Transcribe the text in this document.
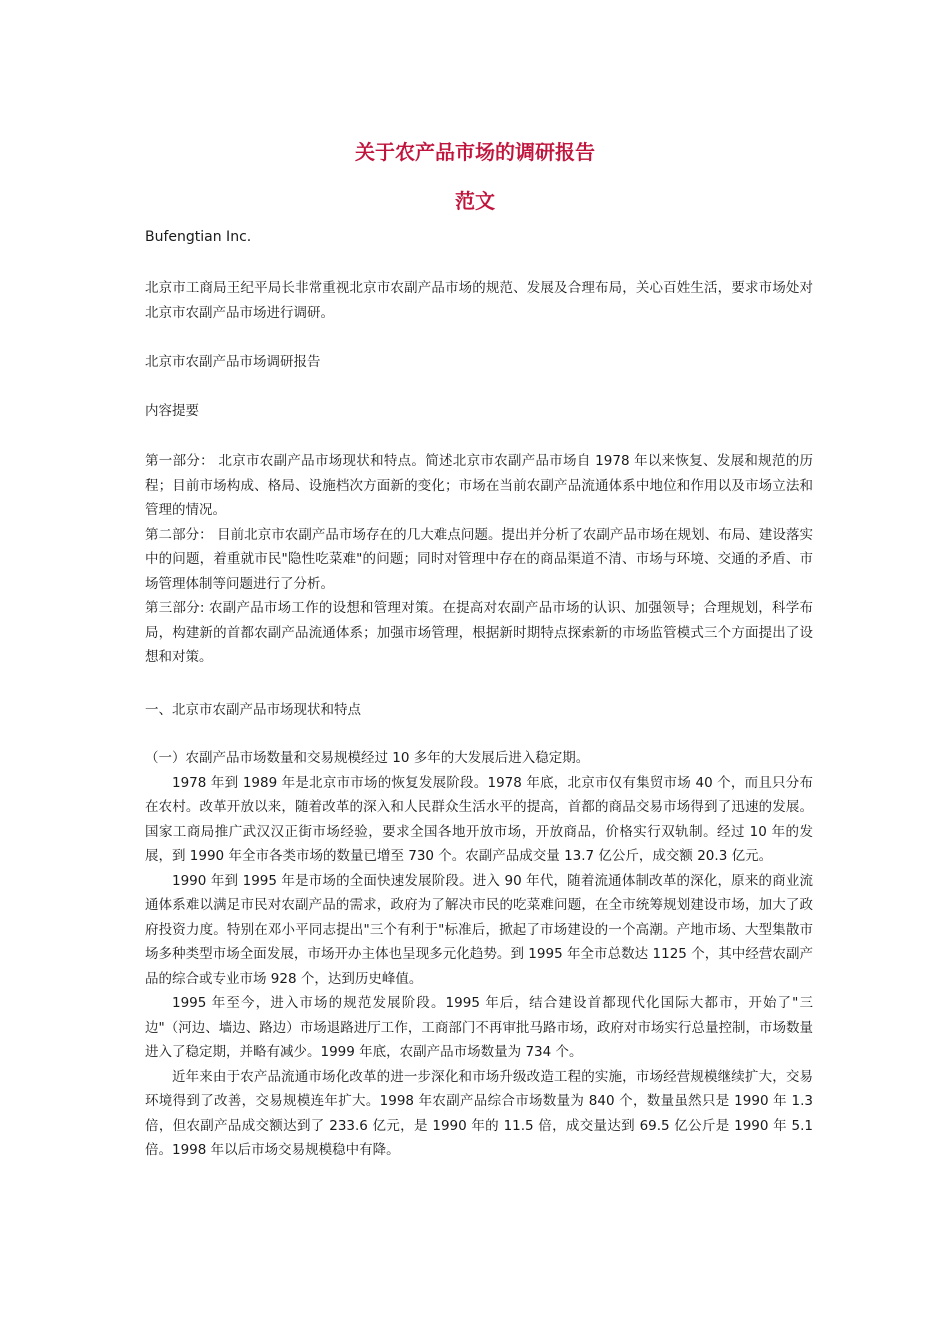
关于农产品市场的调研报告
范文
Bufengtian Inc.

北京市工商局王纪平局长非常重视北京市农副产品市场的规范、发展及合理布局，关心百姓生活，要求市场处对北京市农副产品市场进行调研。

北京市农副产品市场调研报告

内容提要

第一部分： 北京市农副产品市场现状和特点。简述北京市农副产品市场自 1978 年以来恢复、发展和规范的历程；目前市场构成、格局、设施档次方面新的变化；市场在当前农副产品流通体系中地位和作用以及市场立法和管理的情况。

第二部分： 目前北京市农副产品市场存在的几大难点问题。提出并分析了农副产品市场在规划、布局、建设落实中的问题，着重就市民"隐性吃菜难"的问题；同时对管理中存在的商品渠道不清、市场与环境、交通的矛盾、市场管理体制等问题进行了分析。

第三部分: 农副产品市场工作的设想和管理对策。在提高对农副产品市场的认识、加强领导；合理规划，科学布局，构建新的首都农副产品流通体系；加强市场管理，根据新时期特点探索新的市场监管模式三个方面提出了设想和对策。

一、北京市农副产品市场现状和特点

（一）农副产品市场数量和交易规模经过 10 多年的大发展后进入稳定期。

1978 年到 1989 年是北京市市场的恢复发展阶段。1978 年底，北京市仅有集贸市场 40 个，而且只分布在农村。改革开放以来，随着改革的深入和人民群众生活水平的提高，首都的商品交易市场得到了迅速的发展。国家工商局推广武汉汉正街市场经验，要求全国各地开放市场，开放商品，价格实行双轨制。经过 10 年的发展，到 1990 年全市各类市场的数量已增至 730 个。农副产品成交量 13.7 亿公斤，成交额 20.3 亿元。

1990 年到 1995 年是市场的全面快速发展阶段。进入 90 年代，随着流通体制改革的深化，原来的商业流通体系难以满足市民对农副产品的需求，政府为了解决市民的吃菜难问题，在全市统筹规划建设市场，加大了政府投资力度。特别在邓小平同志提出"三个有利于"标准后，掀起了市场建设的一个高潮。产地市场、大型集散市场多种类型市场全面发展，市场开办主体也呈现多元化趋势。到 1995 年全市总数达 1125 个，其中经营农副产品的综合或专业市场 928 个，达到历史峰值。

1995 年至今，进入市场的规范发展阶段。1995 年后，结合建设首都现代化国际大都市，开始了"三边"（河边、墙边、路边）市场退路进厅工作，工商部门不再审批马路市场，政府对市场实行总量控制，市场数量进入了稳定期，并略有减少。1999 年底，农副产品市场数量为 734 个。

近年来由于农产品流通市场化改革的进一步深化和市场升级改造工程的实施，市场经营规模继续扩大，交易环境得到了改善，交易规模连年扩大。1998 年农副产品综合市场数量为 840 个，数量虽然只是 1990 年 1.3 倍，但农副产品成交额达到了 233.6 亿元，是 1990 年的 11.5 倍，成交量达到 69.5 亿公斤是 1990 年 5.1 倍。1998 年以后市场交易规模稳中有降。
